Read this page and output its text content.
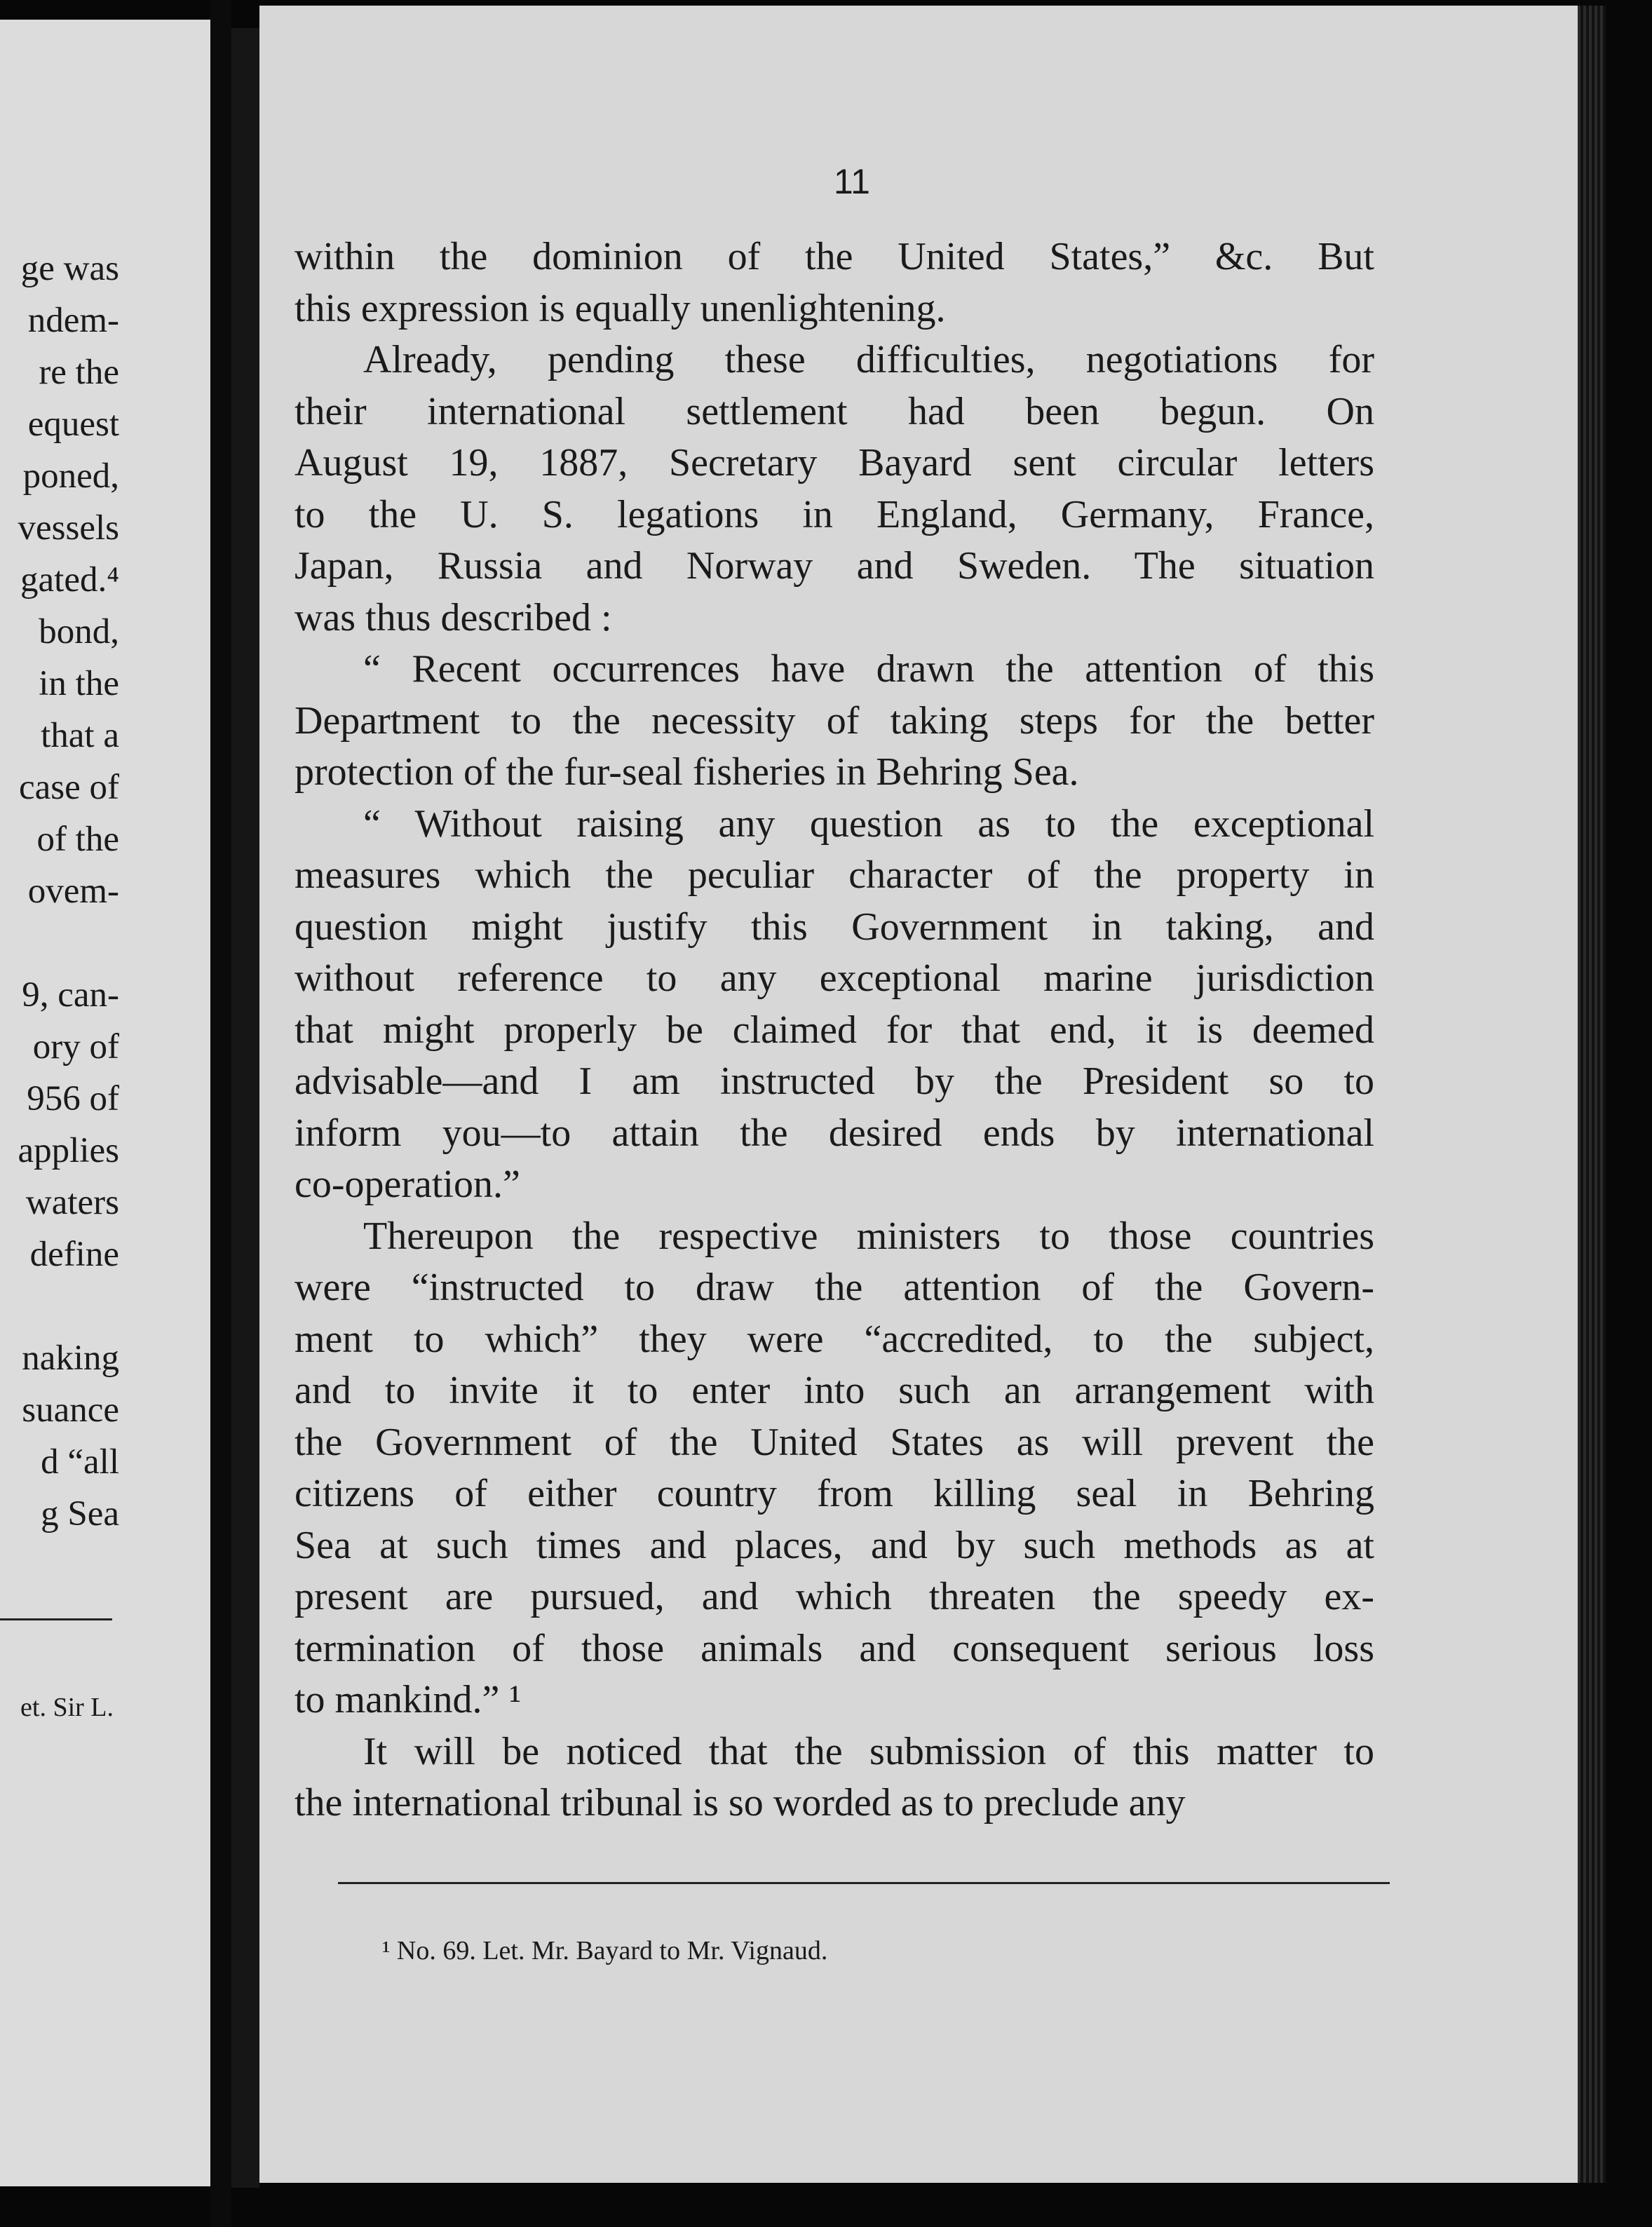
ge was
ndem-
re the
equest
poned,
vessels
gated.⁴
bond,
in the
that a
case of
of the
ovem-
9, can-
ory of
956 of
applies
waters
define
naking
suance
d “all
g Sea
et. Sir L.
11
within the dominion of the United States,” &c. But
this expression is equally unenlightening.
Already, pending these difficulties, negotiations for
their international settlement had been begun. On
August 19, 1887, Secretary Bayard sent circular letters
to the U. S. legations in England, Germany, France,
Japan, Russia and Norway and Sweden. The situation
was thus described :
“ Recent occurrences have drawn the attention of this
Department to the necessity of taking steps for the better
protection of the fur-seal fisheries in Behring Sea.
“ Without raising any question as to the exceptional
measures which the peculiar character of the property in
question might justify this Government in taking, and
without reference to any exceptional marine jurisdiction
that might properly be claimed for that end, it is deemed
advisable—and I am instructed by the President so to
inform you—to attain the desired ends by international
co-operation.”
Thereupon the respective ministers to those countries
were “instructed to draw the attention of the Govern-
ment to which” they were “accredited, to the subject,
and to invite it to enter into such an arrangement with
the Government of the United States as will prevent the
citizens of either country from killing seal in Behring
Sea at such times and places, and by such methods as at
present are pursued, and which threaten the speedy ex-
termination of those animals and consequent serious loss
to mankind.” ¹
It will be noticed that the submission of this matter to
the international tribunal is so worded as to preclude any
¹ No. 69. Let. Mr. Bayard to Mr. Vignaud.
